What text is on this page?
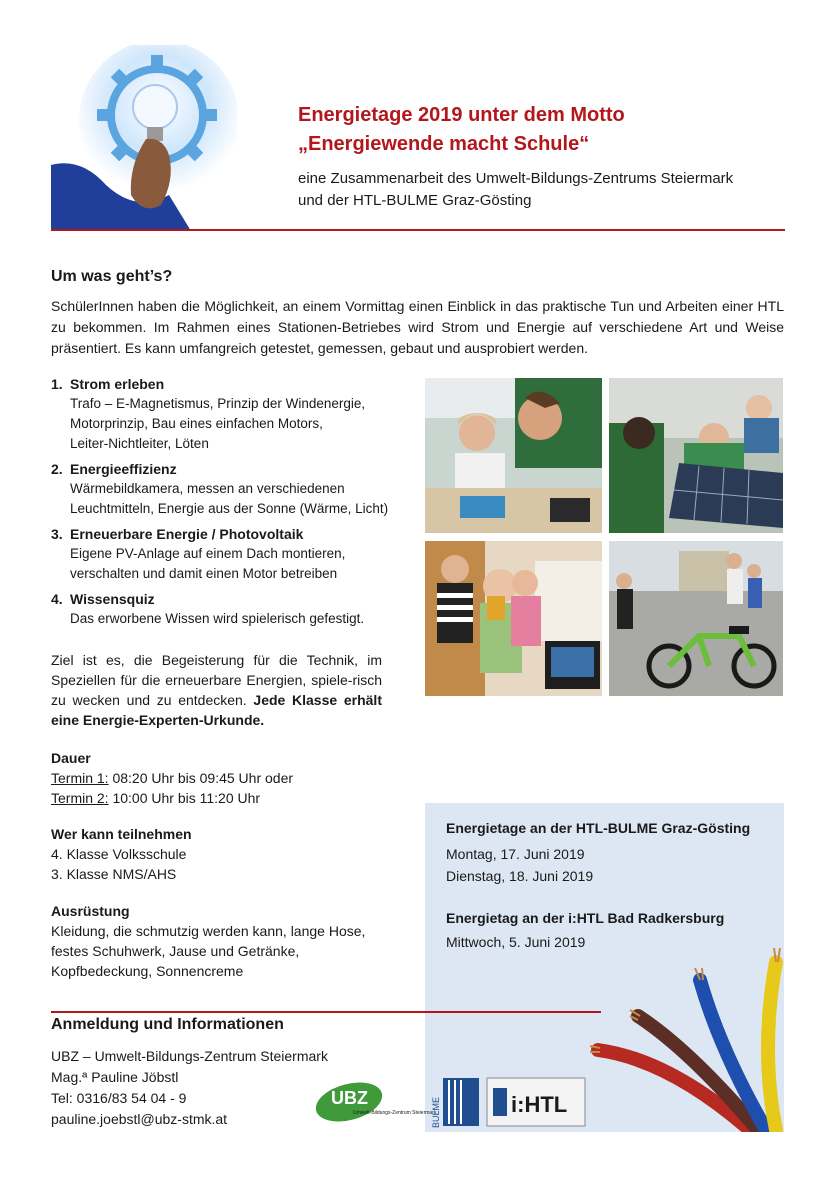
Energietage 2019 unter dem Motto
„Energiewende macht Schule“
eine Zusammenarbeit des Umwelt-Bildungs-Zentrums Steiermark
und der HTL-BULME Graz-Gösting
Um was geht’s?
SchülerInnen haben die Möglichkeit, an einem Vormittag einen Einblick in das praktische Tun und Arbeiten einer HTL zu bekommen. Im Rahmen eines Stationen-Betriebes wird Strom und Energie auf verschiedene Art und Weise präsentiert. Es kann umfangreich getestet, gemessen, gebaut und ausprobiert werden.
1. Strom erleben
Trafo – E-Magnetismus, Prinzip der Windenergie,
Motorprinzip, Bau eines einfachen Motors,
Leiter-Nichtleiter, Löten
2. Energieeffizienz
Wärmebildkamera, messen an verschiedenen
Leuchtmitteln, Energie aus der Sonne (Wärme, Licht)
3. Erneuerbare Energie / Photovoltaik
Eigene PV-Anlage auf einem Dach montieren,
verschalten und damit einen Motor betreiben
4. Wissensquiz
Das erworbene Wissen wird spielerisch gefestigt.
Ziel ist es, die Begeisterung für die Technik, im Speziellen für die erneuerbare Energien, spiele-risch zu wecken und zu entdecken. Jede Klasse erhält eine Energie-Experten-Urkunde.
Dauer
Termin 1: 08:20 Uhr bis 09:45 Uhr oder
Termin 2: 10:00 Uhr bis 11:20 Uhr
Wer kann teilnehmen
4. Klasse Volksschule
3. Klasse NMS/AHS
Ausrüstung
Kleidung, die schmutzig werden kann, lange Hose,
festes Schuhwerk, Jause und Getränke,
Kopfbedeckung, Sonnencreme
Energietage an der HTL-BULME Graz-Gösting
Montag, 17. Juni 2019
Dienstag, 18. Juni 2019
Energietag an der i:HTL Bad Radkersburg
Mittwoch, 5. Juni 2019
Anmeldung und Informationen
UBZ – Umwelt-Bildungs-Zentrum Steiermark
Mag.ª Pauline Jöbstl
Tel: 0316/83 54 04 - 9
pauline.joebstl@ubz-stmk.at
UBZ
Umwelt-Bildungs-Zentrum Steiermark
BULME	i:HTL
